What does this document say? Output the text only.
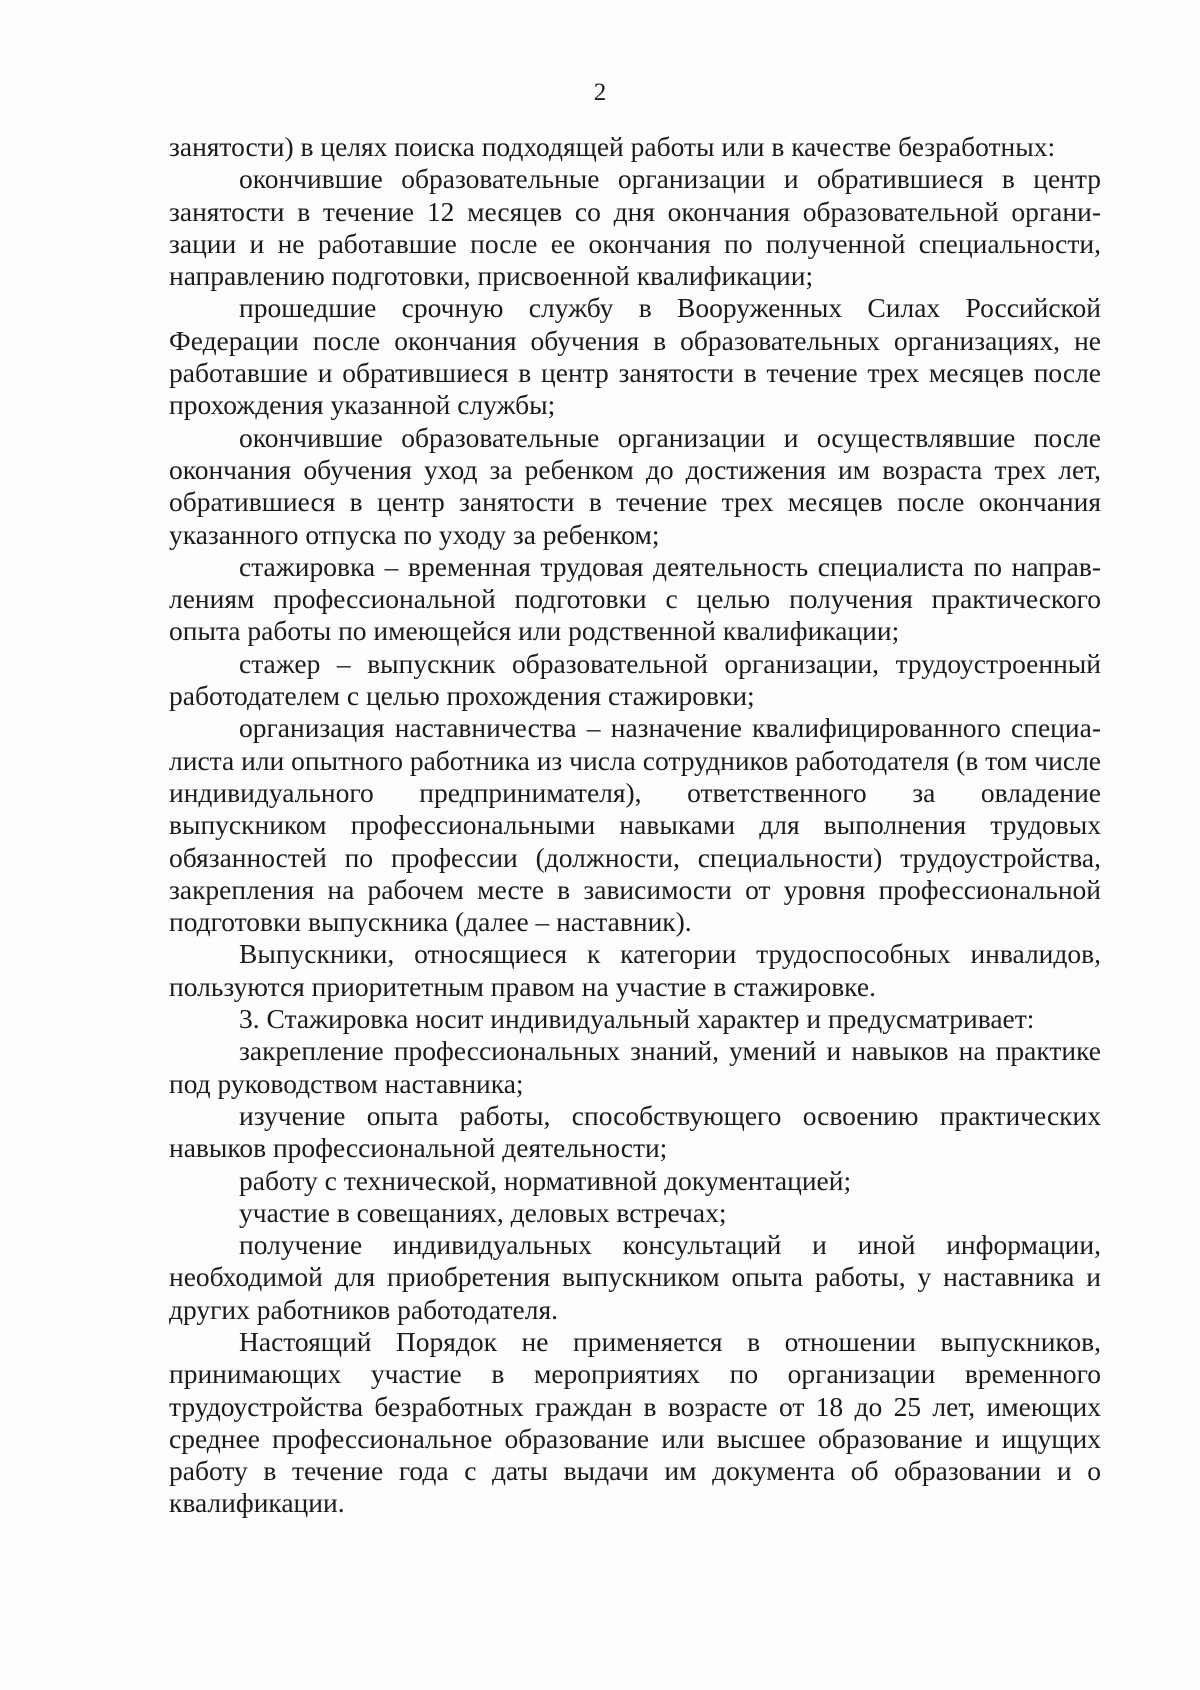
2

занятости) в целях поиска подходящей работы или в качестве безработных:

окончившие образовательные организации и обратившиеся в центр занятости в течение 12 месяцев со дня окончания образовательной организации и не работавшие после ее окончания по полученной специальности, направлению подготовки, присвоенной квалификации;

прошедшие срочную службу в Вооруженных Силах Российской Федерации после окончания обучения в образовательных организациях, не работавшие и обратившиеся в центр занятости в течение трех месяцев после прохождения указанной службы;

окончившие образовательные организации и осуществлявшие после окончания обучения уход за ребенком до достижения им возраста трех лет, обратившиеся в центр занятости в течение трех месяцев после окончания указанного отпуска по уходу за ребенком;

стажировка – временная трудовая деятельность специалиста по направлениям профессиональной подготовки с целью получения практического опыта работы по имеющейся или родственной квалификации;

стажер – выпускник образовательной организации, трудоустроенный работодателем с целью прохождения стажировки;

организация наставничества – назначение квалифицированного специалиста или опытного работника из числа сотрудников работодателя (в том числе индивидуального предпринимателя), ответственного за овладение выпускником профессиональными навыками для выполнения трудовых обязанностей по профессии (должности, специальности) трудоустройства, закрепления на рабочем месте в зависимости от уровня профессиональной подготовки выпускника (далее – наставник).

Выпускники, относящиеся к категории трудоспособных инвалидов, пользуются приоритетным правом на участие в стажировке.

3. Стажировка носит индивидуальный характер и предусматривает:

закрепление профессиональных знаний, умений и навыков на практике под руководством наставника;

изучение опыта работы, способствующего освоению практических навыков профессиональной деятельности;

работу с технической, нормативной документацией;

участие в совещаниях, деловых встречах;

получение индивидуальных консультаций и иной информации, необходимой для приобретения выпускником опыта работы, у наставника и других работников работодателя.

Настоящий Порядок не применяется в отношении выпускников, принимающих участие в мероприятиях по организации временного трудоустройства безработных граждан в возрасте от 18 до 25 лет, имеющих среднее профессиональное образование или высшее образование и ищущих работу в течение года с даты выдачи им документа об образовании и о квалификации.
